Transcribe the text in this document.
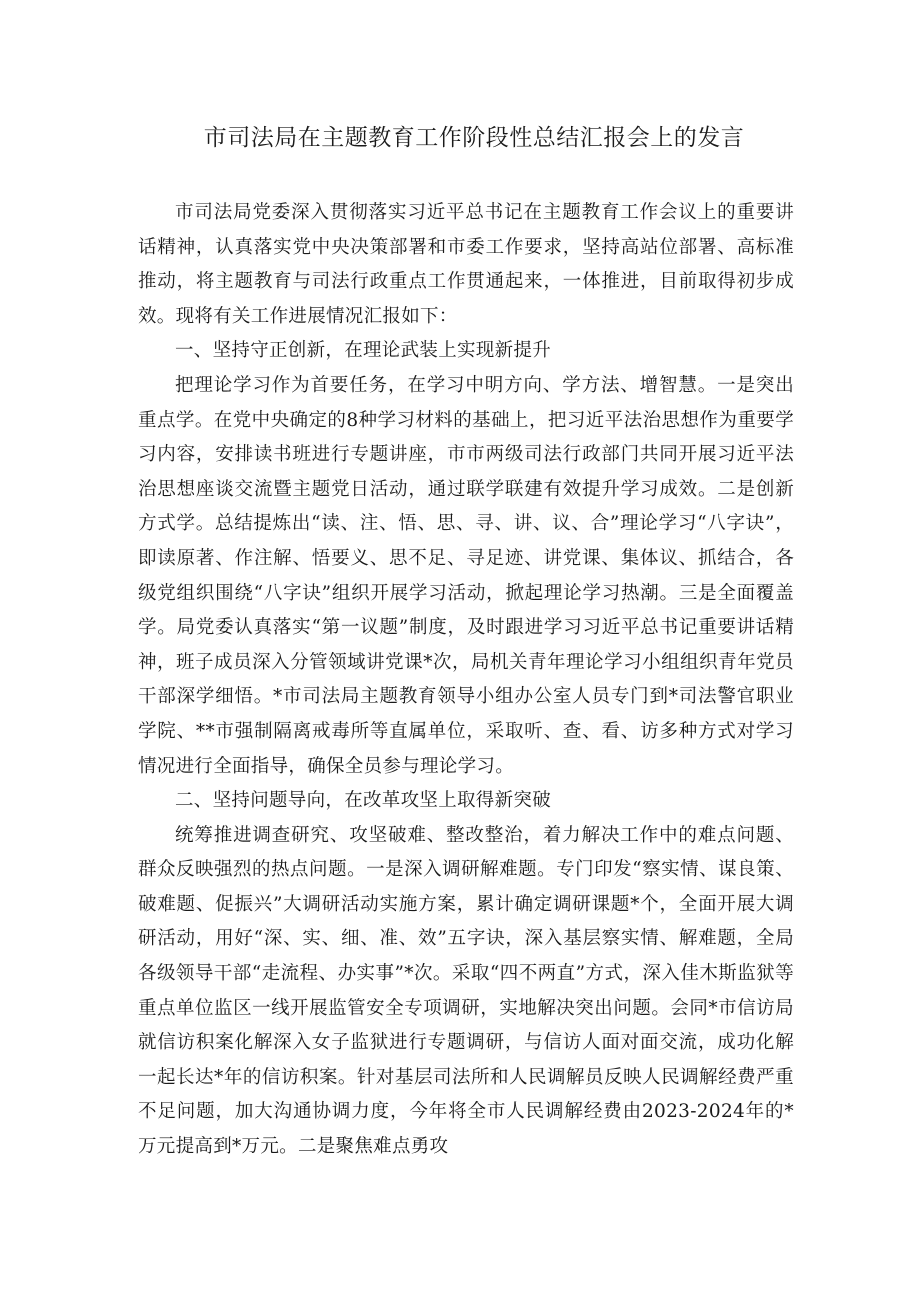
市司法局在主题教育工作阶段性总结汇报会上的发言

市司法局党委深入贯彻落实习近平总书记在主题教育工作会议上的重要讲话精神，认真落实党中央决策部署和市委工作要求，坚持高站位部署、高标准推动，将主题教育与司法行政重点工作贯通起来，一体推进，目前取得初步成效。现将有关工作进展情况汇报如下：

一、坚持守正创新，在理论武装上实现新提升

把理论学习作为首要任务，在学习中明方向、学方法、增智慧。一是突出重点学。在党中央确定的8种学习材料的基础上，把习近平法治思想作为重要学习内容，安排读书班进行专题讲座，市市两级司法行政部门共同开展习近平法治思想座谈交流暨主题党日活动，通过联学联建有效提升学习成效。二是创新方式学。总结提炼出“读、注、悟、思、寻、讲、议、合”理论学习“八字诀”，即读原著、作注解、悟要义、思不足、寻足迹、讲党课、集体议、抓结合，各级党组织围绕“八字诀”组织开展学习活动，掀起理论学习热潮。三是全面覆盖学。局党委认真落实“第一议题”制度，及时跟进学习习近平总书记重要讲话精神，班子成员深入分管领域讲党课*次，局机关青年理论学习小组组织青年党员干部深学细悟。*市司法局主题教育领导小组办公室人员专门到*司法警官职业学院、**市强制隔离戒毒所等直属单位，采取听、查、看、访多种方式对学习情况进行全面指导，确保全员参与理论学习。

二、坚持问题导向，在改革攻坚上取得新突破

统筹推进调查研究、攻坚破难、整改整治，着力解决工作中的难点问题、群众反映强烈的热点问题。一是深入调研解难题。专门印发“察实情、谋良策、破难题、促振兴”大调研活动实施方案，累计确定调研课题*个，全面开展大调研活动，用好“深、实、细、准、效”五字诀，深入基层察实情、解难题，全局各级领导干部“走流程、办实事”*次。采取“四不两直”方式，深入佳木斯监狱等重点单位监区一线开展监管安全专项调研，实地解决突出问题。会同*市信访局就信访积案化解深入女子监狱进行专题调研，与信访人面对面交流，成功化解一起长达*年的信访积案。针对基层司法所和人民调解员反映人民调解经费严重不足问题，加大沟通协调力度，今年将全市人民调解经费由2023-2024年的*万元提高到*万元。二是聚焦难点勇攻
